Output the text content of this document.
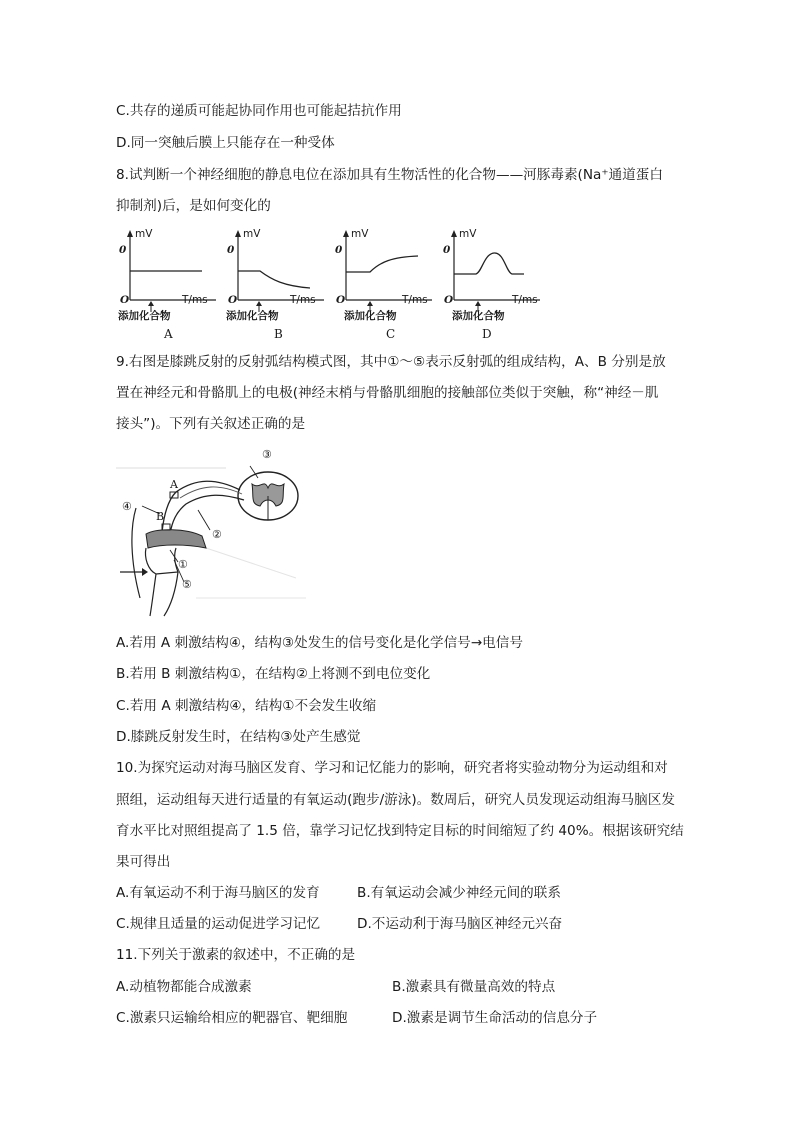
C.共存的递质可能起协同作用也可能起拮抗作用
D.同一突触后膜上只能存在一种受体
8.试判断一个神经细胞的静息电位在添加具有生物活性的化合物——河豚毒素(Na⁺通道蛋白
抑制剂)后，是如何变化的
mV
0
O	T/ms
添加化合物
A
mV
0
O	T/ms
添加化合物
B
mV
0
O	T/ms
添加化合物
C
mV
0
O	T/ms
添加化合物
D
9.右图是膝跳反射的反射弧结构模式图，其中①～⑤表示反射弧的组成结构，A、B 分别是放
置在神经元和骨骼肌上的电极(神经末梢与骨骼肌细胞的接触部位类似于突触，称“神经－肌
接头”)。下列有关叙述正确的是
③
④
②
①
⑤
A
B
A.若用 A 刺激结构④，结构③处发生的信号变化是化学信号→电信号
B.若用 B 刺激结构①，在结构②上将测不到电位变化
C.若用 A 刺激结构④，结构①不会发生收缩
D.膝跳反射发生时，在结构③处产生感觉
10.为探究运动对海马脑区发育、学习和记忆能力的影响，研究者将实验动物分为运动组和对
照组，运动组每天进行适量的有氧运动(跑步/游泳)。数周后，研究人员发现运动组海马脑区发
育水平比对照组提高了 1.5 倍，靠学习记忆找到特定目标的时间缩短了约 40%。根据该研究结
果可得出
A.有氧运动不利于海马脑区的发育	B.有氧运动会减少神经元间的联系
C.规律且适量的运动促进学习记忆	D.不运动利于海马脑区神经元兴奋
11.下列关于激素的叙述中，不正确的是
A.动植物都能合成激素	B.激素具有微量高效的特点
C.激素只运输给相应的靶器官、靶细胞	D.激素是调节生命活动的信息分子
